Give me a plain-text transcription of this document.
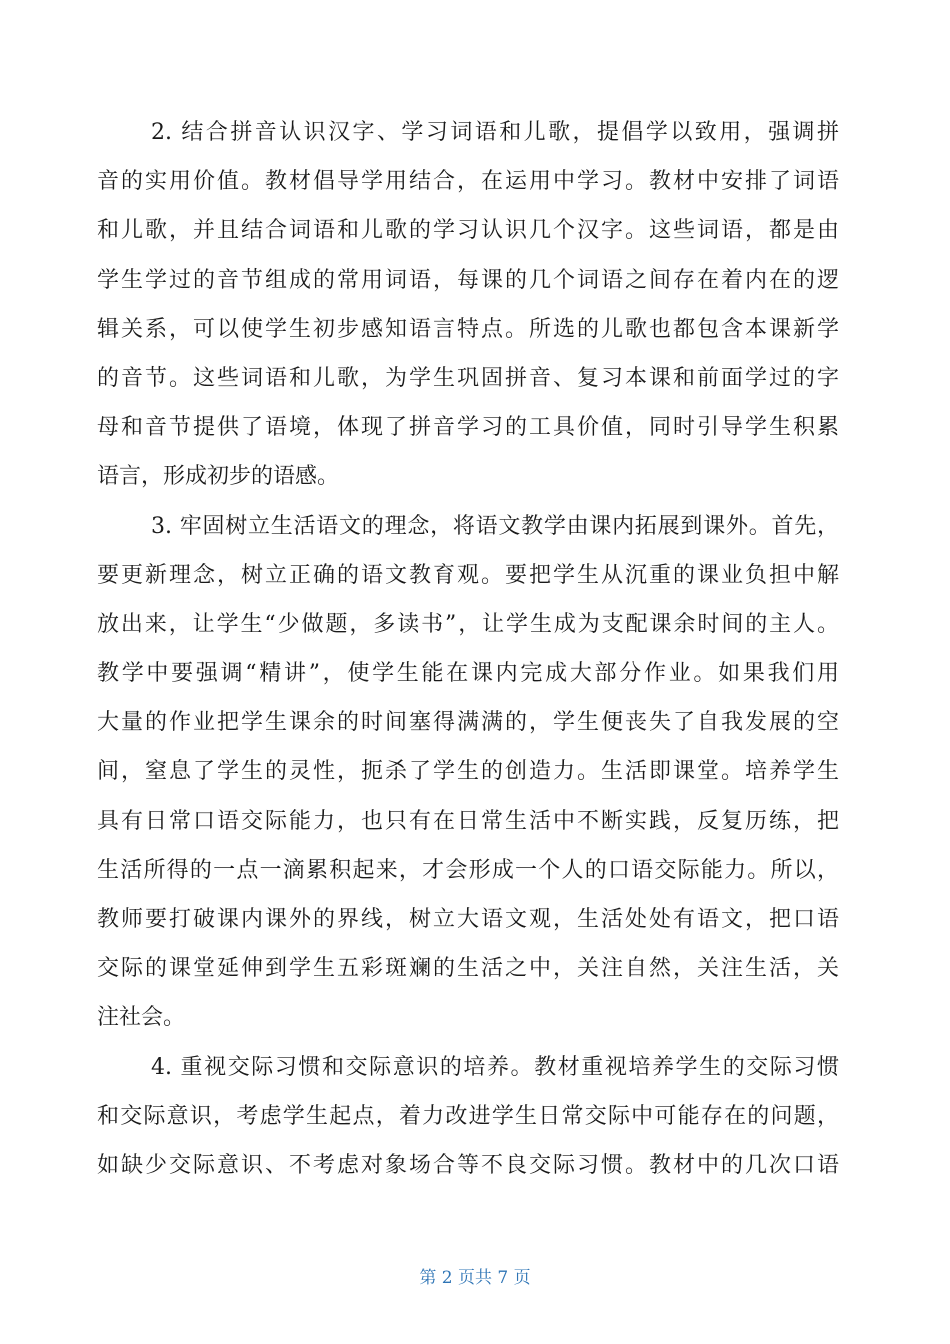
2. 结合拼音认识汉字、学习词语和儿歌，提倡学以致用，强调拼
音的实用价值。教材倡导学用结合，在运用中学习。教材中安排了词语
和儿歌，并且结合词语和儿歌的学习认识几个汉字。这些词语，都是由
学生学过的音节组成的常用词语，每课的几个词语之间存在着内在的逻
辑关系，可以使学生初步感知语言特点。所选的儿歌也都包含本课新学
的音节。这些词语和儿歌，为学生巩固拼音、复习本课和前面学过的字
母和音节提供了语境，体现了拼音学习的工具价值，同时引导学生积累
语言，形成初步的语感。
3. 牢固树立生活语文的理念，将语文教学由课内拓展到课外。首先，
要更新理念，树立正确的语文教育观。要把学生从沉重的课业负担中解
放出来，让学生“少做题，多读书”，让学生成为支配课余时间的主人。
教学中要强调“精讲”，使学生能在课内完成大部分作业。如果我们用
大量的作业把学生课余的时间塞得满满的，学生便丧失了自我发展的空
间，窒息了学生的灵性，扼杀了学生的创造力。生活即课堂。培养学生
具有日常口语交际能力，也只有在日常生活中不断实践，反复历练，把
生活所得的一点一滴累积起来，才会形成一个人的口语交际能力。所以，
教师要打破课内课外的界线，树立大语文观，生活处处有语文，把口语
交际的课堂延伸到学生五彩斑斓的生活之中，关注自然，关注生活，关
注社会。
4. 重视交际习惯和交际意识的培养。教材重视培养学生的交际习惯
和交际意识，考虑学生起点，着力改进学生日常交际中可能存在的问题，
如缺少交际意识、不考虑对象场合等不良交际习惯。教材中的几次口语
第 2 页共 7 页
